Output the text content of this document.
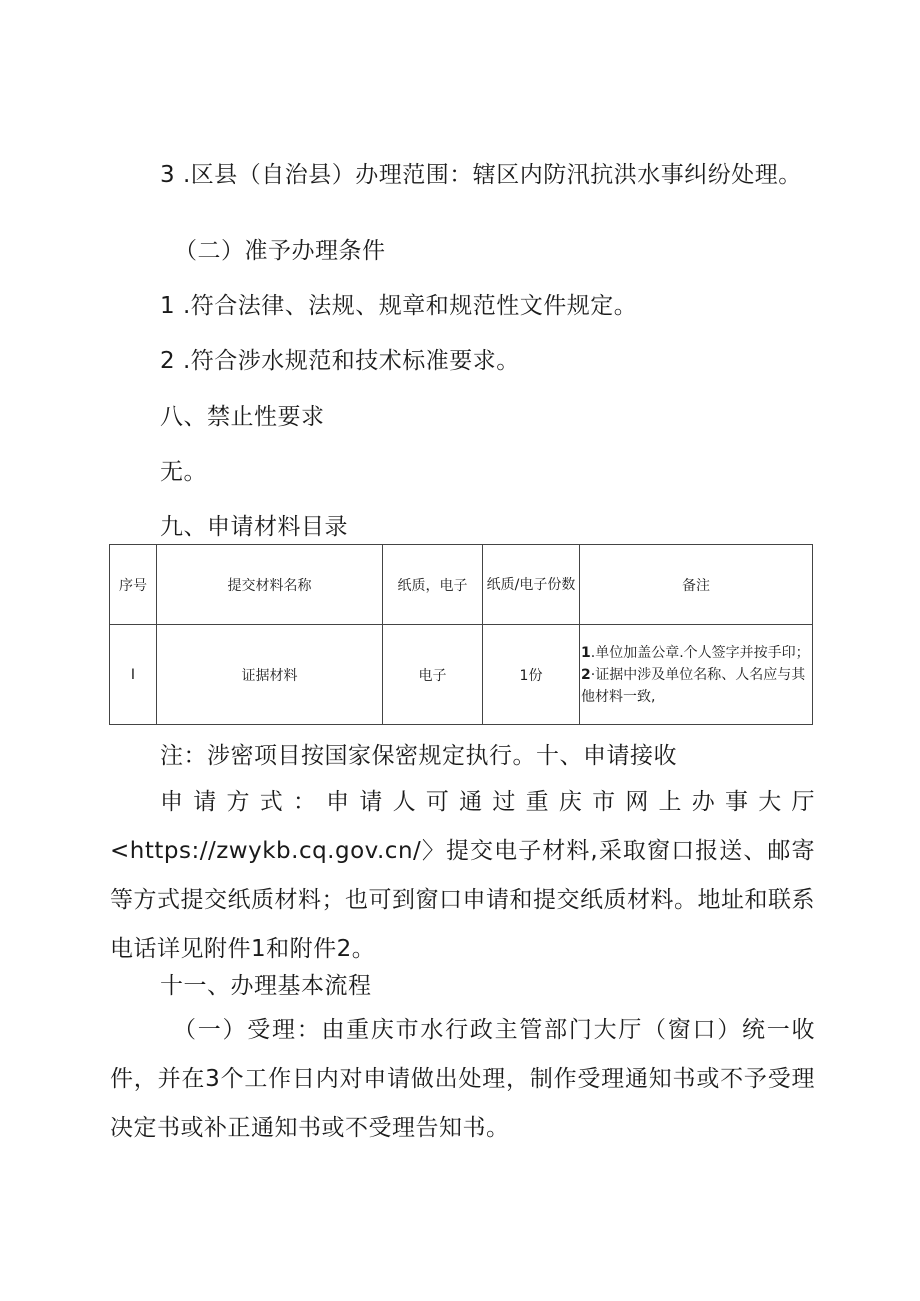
3 .区县（自治县）办理范围：辖区内防汛抗洪水事纠纷处理。

（二）准予办理条件

1 .符合法律、法规、规章和规范性文件规定。

2 .符合涉水规范和技术标准要求。

八、禁止性要求

无。

九、申请材料目录

序号	提交材料名称	纸质，电子	纸质/电子份数	备注
I	证据材料	电子	1份	1.单位加盖公章.个人签字并按手印；
2·证据中涉及单位名称、人名应与其他材料一致,

注：涉密项目按国家保密规定执行。十、申请接收

申请方式：申请人可通过重庆市网上办事大厅<https://zwykb.cq.gov.cn/〉提交电子材料,采取窗口报送、邮寄等方式提交纸质材料；也可到窗口申请和提交纸质材料。地址和联系电话详见附件1和附件2。

十一、办理基本流程

（一）受理：由重庆市水行政主管部门大厅（窗口）统一收件，并在3个工作日内对申请做出处理，制作受理通知书或不予受理决定书或补正通知书或不受理告知书。
